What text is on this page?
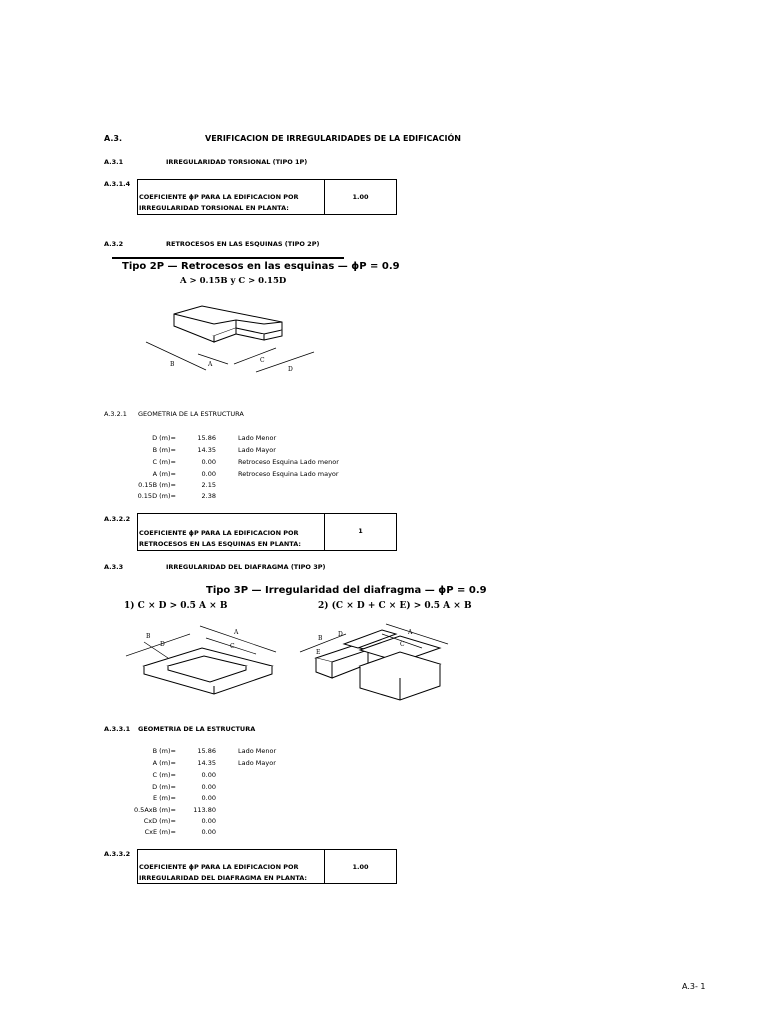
A.3.	VERIFICACION DE IRREGULARIDADES DE LA EDIFICACIÓN
A.3.1	IRREGULARIDAD TORSIONAL (TIPO 1P)
A.3.1.4
COEFICIENTE ϕP PARA LA EDIFICACION POR
IRREGULARIDAD TORSIONAL EN PLANTA:
1.00
A.3.2	RETROCESOS EN LAS ESQUINAS (TIPO 2P)
Tipo 2P — Retrocesos en las esquinas — ϕP = 0.9
A > 0.15B y C > 0.15D
B	A
C
D
A.3.2.1 GEOMETRIA DE LA ESTRUCTURA
D (m)=	15.86	Lado Menor
B (m)=	14.35	Lado Mayor
C (m)=	0.00	Retroceso Esquina Lado menor
A (m)=	0.00	Retroceso Esquina Lado mayor
0.15B (m)=	2.15
0.15D (m)=	2.38
A.3.2.2
COEFICIENTE ϕP PARA LA EDIFICACION POR
RETROCESOS EN LAS ESQUINAS EN PLANTA:
1
A.3.3	IRREGULARIDAD DEL DIAFRAGMA (TIPO 3P)
Tipo 3P — Irregularidad del diafragma — ϕP = 0.9
1) C × D > 0.5 A × B	2) (C × D + C × E) > 0.5 A × B
B
D
A
C
B
D
E
A
C
A.3.3.1 GEOMETRIA DE LA ESTRUCTURA
B (m)=	15.86	Lado Menor
A (m)=	14.35	Lado Mayor
C (m)=	0.00
D (m)=	0.00
E (m)=	0.00
0.5AxB (m)=	113.80
CxD (m)=	0.00
CxE (m)=	0.00
A.3.3.2
COEFICIENTE ϕP PARA LA EDIFICACION POR
IRREGULARIDAD DEL DIAFRAGMA EN PLANTA:
1.00
A.3- 1
